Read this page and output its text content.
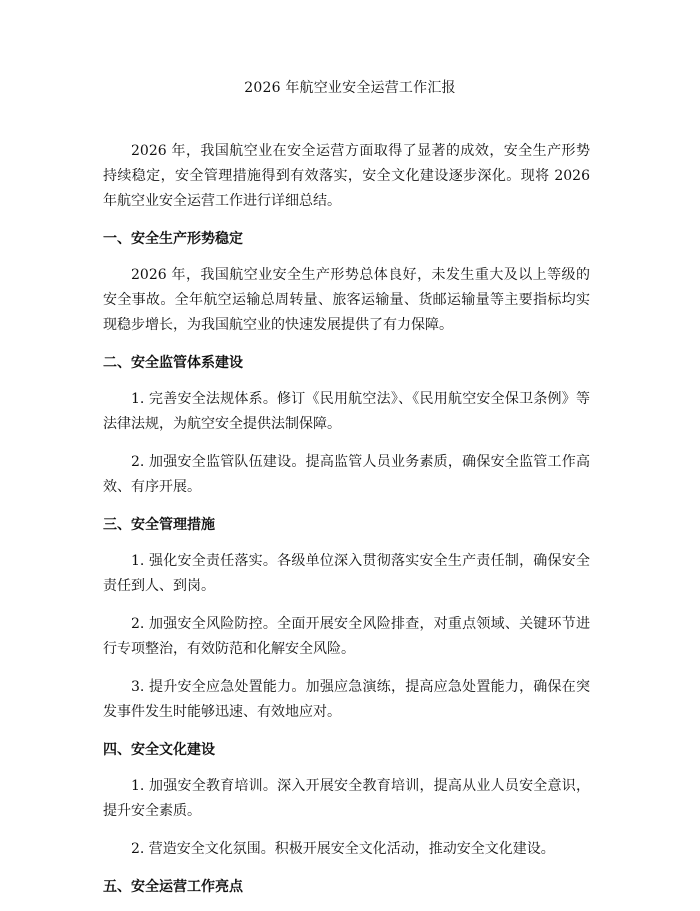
2026 年航空业安全运营工作汇报

2026 年，我国航空业在安全运营方面取得了显著的成效，安全生产形势持续稳定，安全管理措施得到有效落实，安全文化建设逐步深化。现将 2026 年航空业安全运营工作进行详细总结。

一、安全生产形势稳定

2026 年，我国航空业安全生产形势总体良好，未发生重大及以上等级的安全事故。全年航空运输总周转量、旅客运输量、货邮运输量等主要指标均实现稳步增长，为我国航空业的快速发展提供了有力保障。

二、安全监管体系建设

1. 完善安全法规体系。修订《民用航空法》、《民用航空安全保卫条例》等法律法规，为航空安全提供法制保障。

2. 加强安全监管队伍建设。提高监管人员业务素质，确保安全监管工作高效、有序开展。

三、安全管理措施

1. 强化安全责任落实。各级单位深入贯彻落实安全生产责任制，确保安全责任到人、到岗。

2. 加强安全风险防控。全面开展安全风险排查，对重点领域、关键环节进行专项整治，有效防范和化解安全风险。

3. 提升安全应急处置能力。加强应急演练，提高应急处置能力，确保在突发事件发生时能够迅速、有效地应对。

四、安全文化建设

1. 加强安全教育培训。深入开展安全教育培训，提高从业人员安全意识，提升安全素质。

2. 营造安全文化氛围。积极开展安全文化活动，推动安全文化建设。

五、安全运营工作亮点
